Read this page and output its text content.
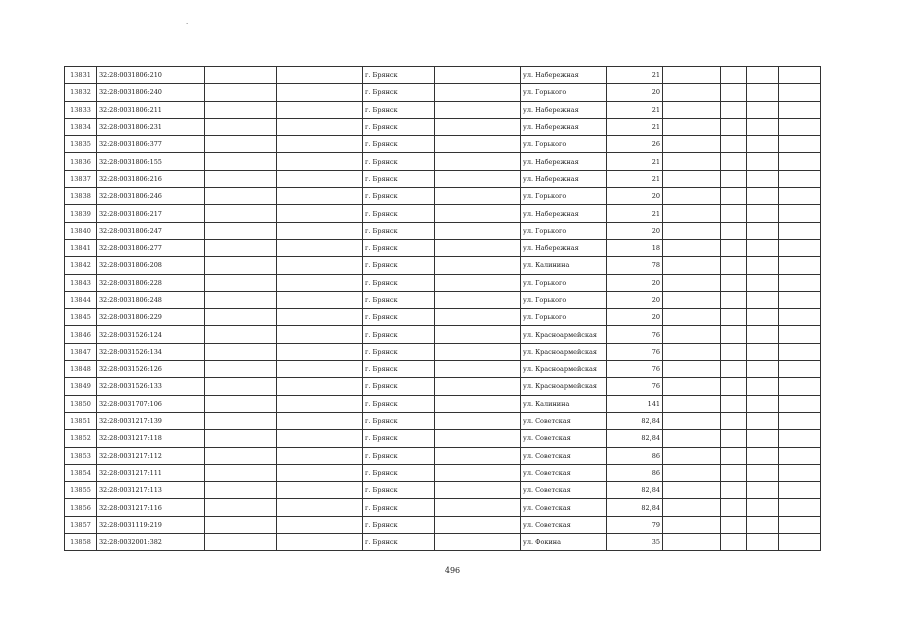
·
13831	32:28:0031806:210			г. Брянск		ул. Набережная	21				
13832	32:28:0031806:240			г. Брянск		ул. Горького	20				
13833	32:28:0031806:211			г. Брянск		ул. Набережная	21				
13834	32:28:0031806:231			г. Брянск		ул. Набережная	21				
13835	32:28:0031806:377			г. Брянск		ул. Горького	26				
13836	32:28:0031806:155			г. Брянск		ул. Набережная	21				
13837	32:28:0031806:216			г. Брянск		ул. Набережная	21				
13838	32:28:0031806:246			г. Брянск		ул. Горького	20				
13839	32:28:0031806:217			г. Брянск		ул. Набережная	21				
13840	32:28:0031806:247			г. Брянск		ул. Горького	20				
13841	32:28:0031806:277			г. Брянск		ул. Набережная	18				
13842	32:28:0031806:208			г. Брянск		ул. Калинина	78				
13843	32:28:0031806:228			г. Брянск		ул. Горького	20				
13844	32:28:0031806:248			г. Брянск		ул. Горького	20				
13845	32:28:0031806:229			г. Брянск		ул. Горького	20				
13846	32:28:0031526:124			г. Брянск		ул. Красноармейская	76				
13847	32:28:0031526:134			г. Брянск		ул. Красноармейская	76				
13848	32:28:0031526:126			г. Брянск		ул. Красноармейская	76				
13849	32:28:0031526:133			г. Брянск		ул. Красноармейская	76				
13850	32:28:0031707:106			г. Брянск		ул. Калинина	141				
13851	32:28:0031217:139			г. Брянск		ул. Советская	82,84				
13852	32:28:0031217:118			г. Брянск		ул. Советская	82,84				
13853	32:28:0031217:112			г. Брянск		ул. Советская	86				
13854	32:28:0031217:111			г. Брянск		ул. Советская	86				
13855	32:28:0031217:113			г. Брянск		ул. Советская	82,84				
13856	32:28:0031217:116			г. Брянск		ул. Советская	82,84				
13857	32:28:0031119:219			г. Брянск		ул. Советская	79				
13858	32:28:0032001:382			г. Брянск		ул. Фокина	35				
496
